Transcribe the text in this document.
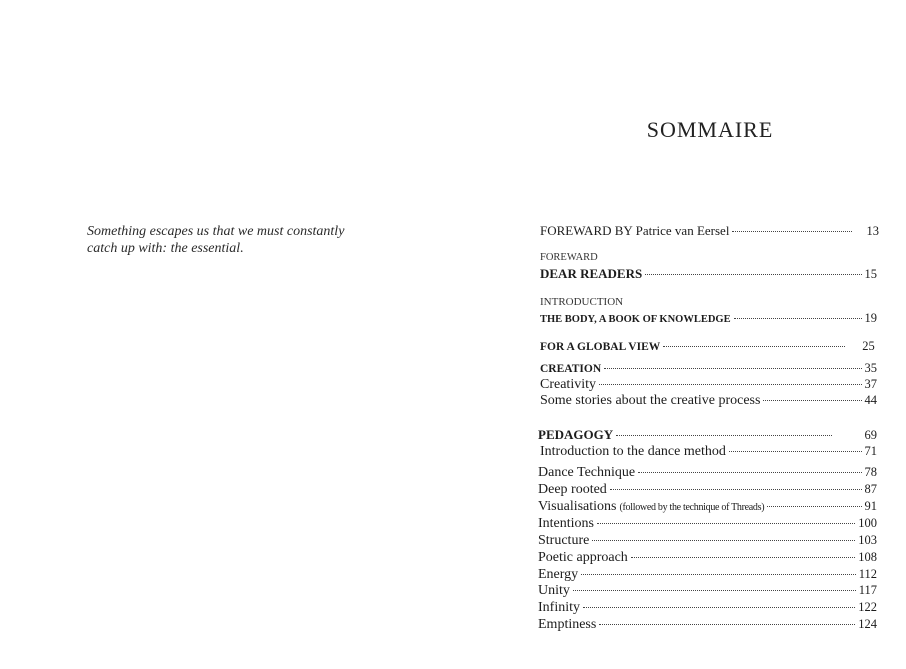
Something escapes us that we must constantly
catch up with: the essential.
SOMMAIRE
FOREWARD BY Patrice van Eersel	13
FOREWARD
DEAR READERS	15
INTRODUCTION
THE BODY, A BOOK OF KNOWLEDGE	19
FOR A GLOBAL VIEW	25
CREATION	35
Creativity	37
Some stories about the creative process	44
PEDAGOGY	69
Introduction to the dance method	71
Dance Technique	78
Deep rooted	87
Visualisations (followed by the technique of Threads)	91
Intentions	100
Structure	103
Poetic approach	108
Energy	112
Unity	117
Infinity	122
Emptiness	124
